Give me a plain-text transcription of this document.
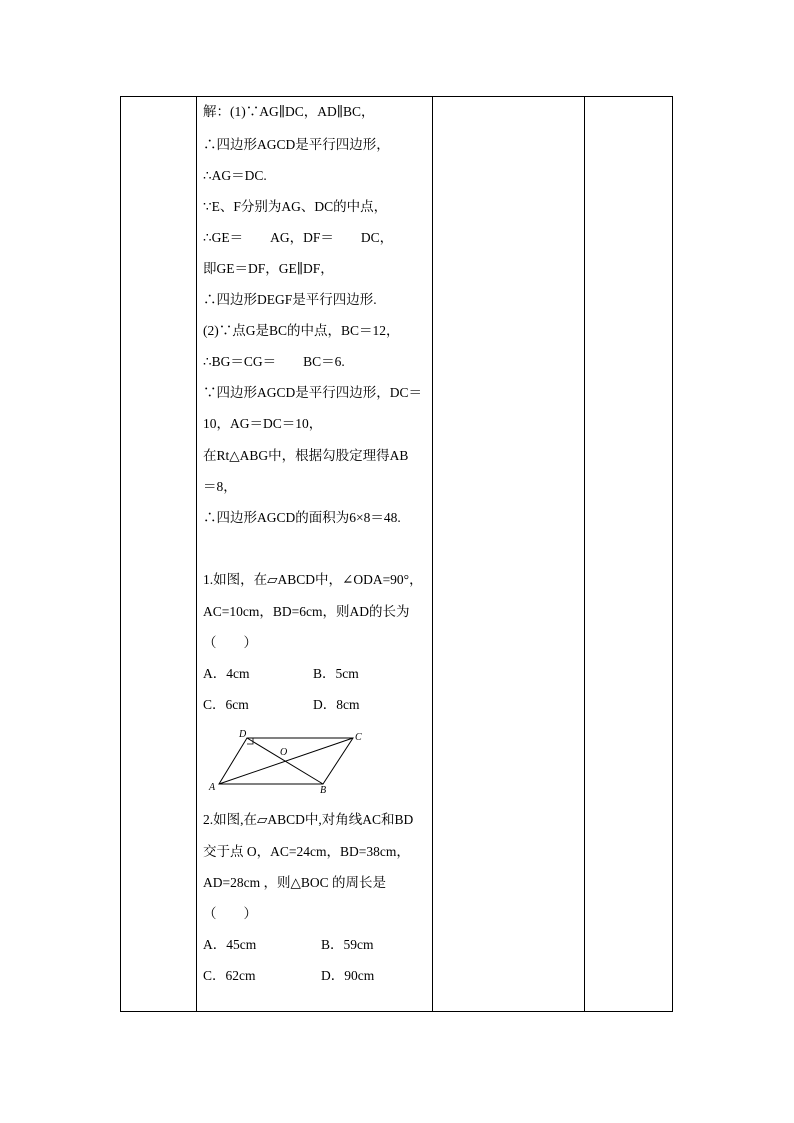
解：(1)∵AG∥DC，AD∥BC，
∴四边形AGCD是平行四边形，
∴AG＝DC.
∵E、F分别为AG、DC的中点，
∴GE＝　　AG，DF＝　　DC，
即GE＝DF，GE∥DF，
∴四边形DEGF是平行四边形.
(2)∵点G是BC的中点，BC＝12，
∴BG＝CG＝　　BC＝6.
∵四边形AGCD是平行四边形，DC＝
10，AG＝DC＝10，
在Rt△ABG中，根据勾股定理得AB
＝8，
∴四边形AGCD的面积为6×8＝48.
1.如图，在▱ABCD中，∠ODA=90°，
AC=10cm，BD=6cm，则AD的长为
（　　）
A．4cm	B．5cm
C．6cm	D．8cm
D	C
O
A	B
2.如图,在▱ABCD中,对角线AC和BD
交于点 O，AC=24cm，BD=38cm，
AD=28cm ，则△BOC 的周长是
（　　）
A．45cm	B．59cm
C．62cm	D．90cm
